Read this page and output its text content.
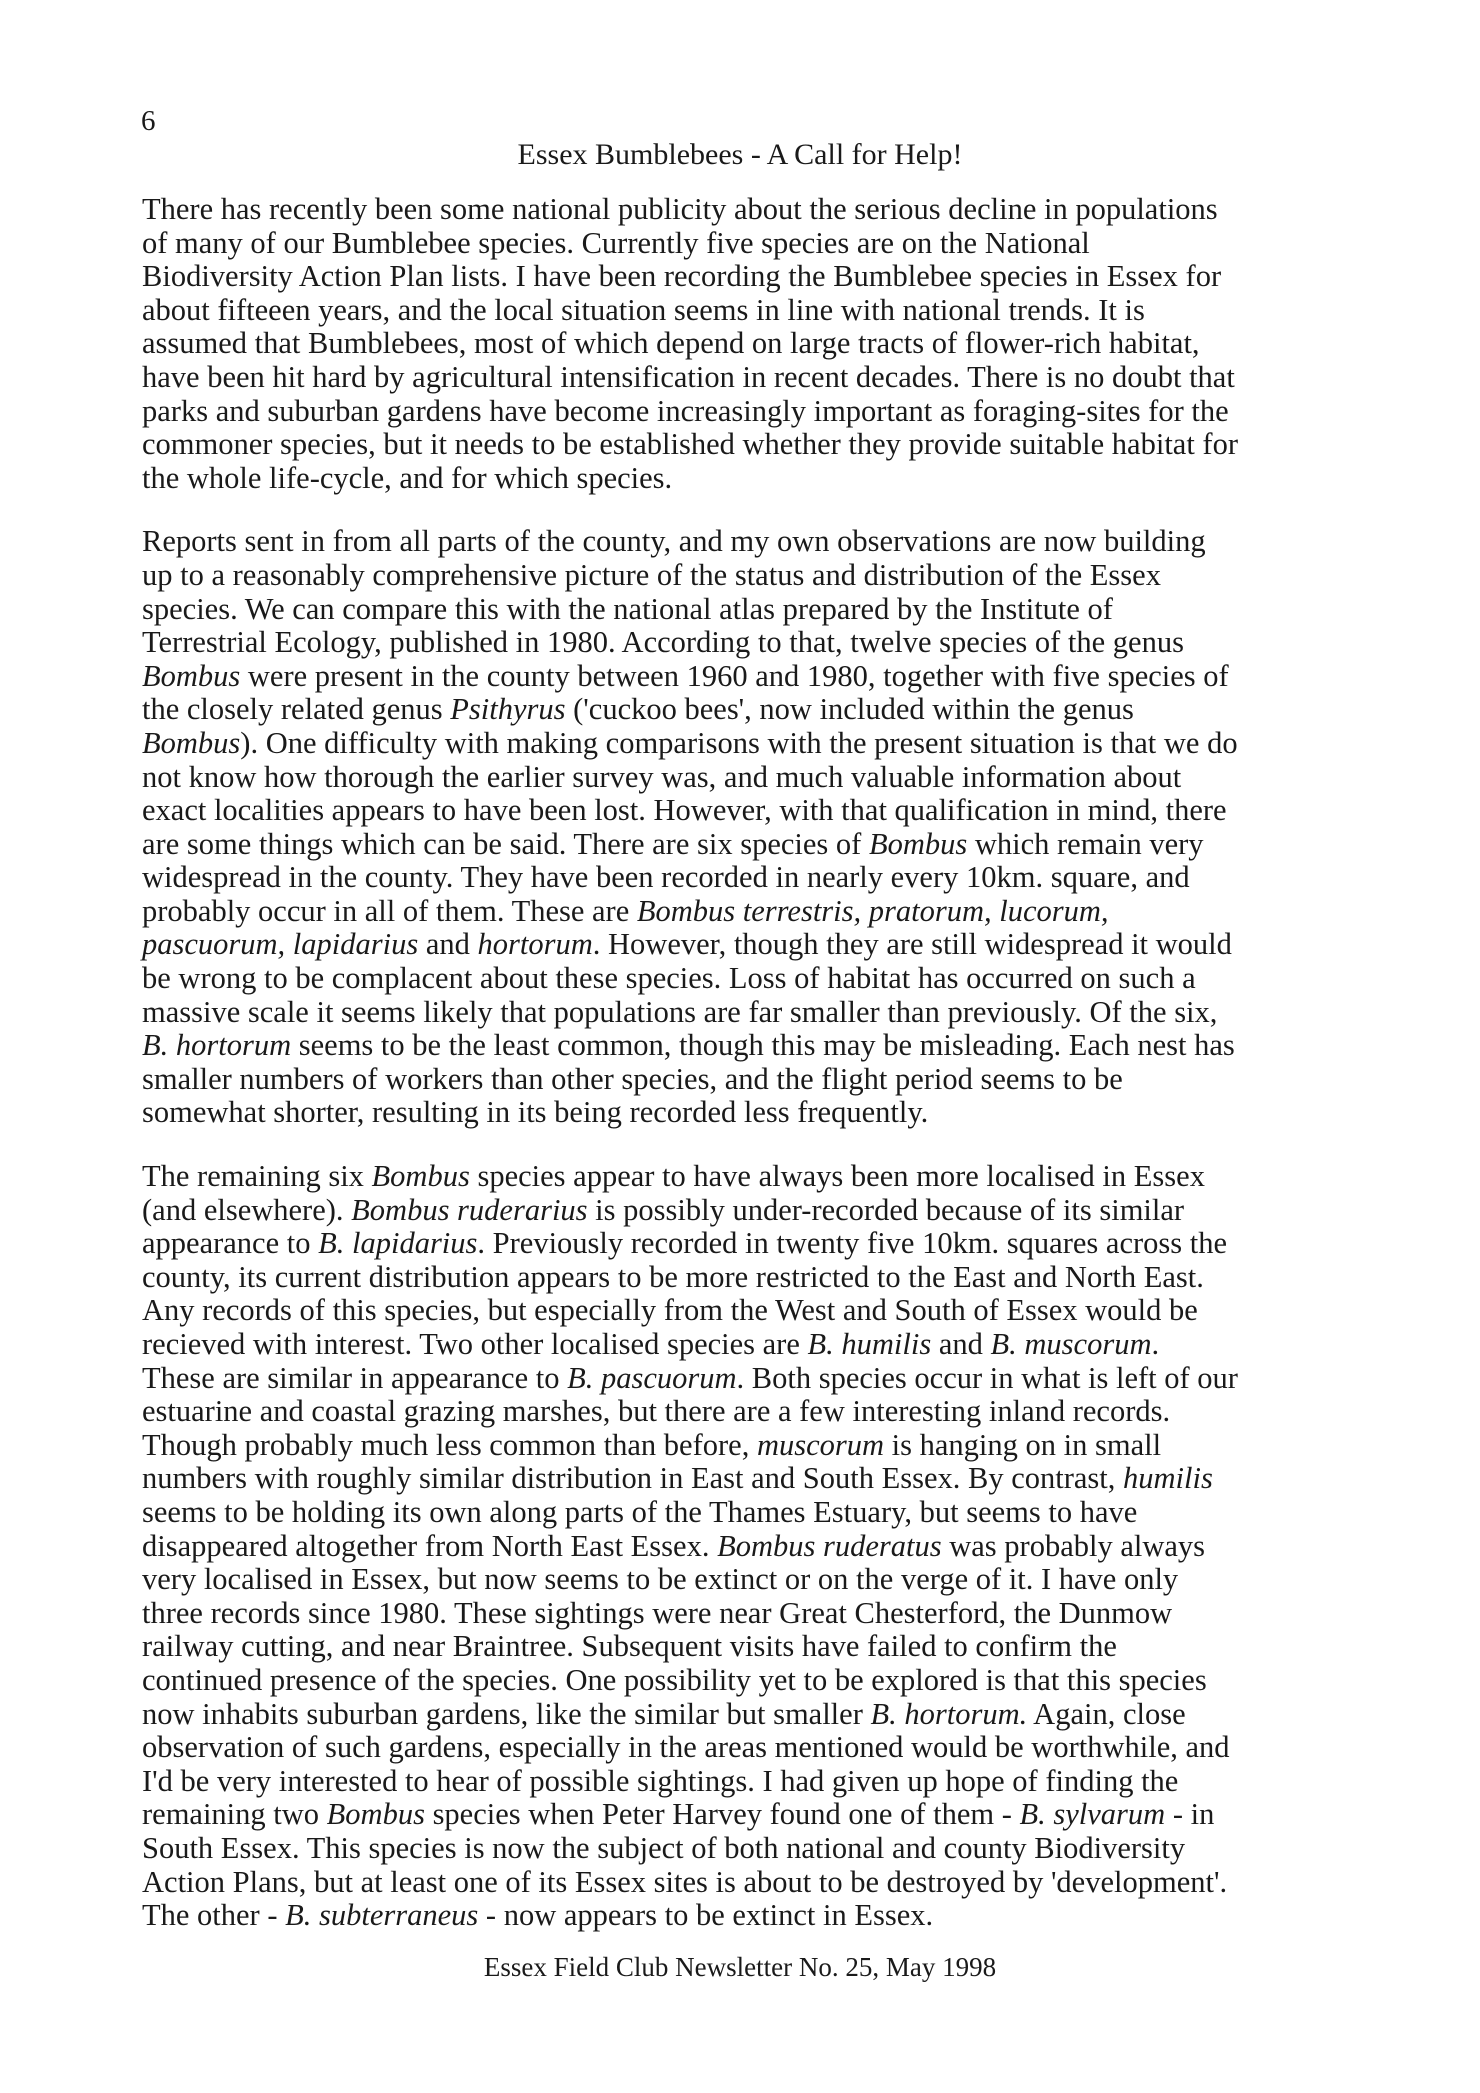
6
Essex Bumblebees - A Call for Help!

There has recently been some national publicity about the serious decline in populations
of many of our Bumblebee species. Currently five species are on the National
Biodiversity Action Plan lists. I have been recording the Bumblebee species in Essex for
about fifteeen years, and the local situation seems in line with national trends. It is
assumed that Bumblebees, most of which depend on large tracts of flower-rich habitat,
have been hit hard by agricultural intensification in recent decades. There is no doubt that
parks and suburban gardens have become increasingly important as foraging-sites for the
commoner species, but it needs to be established whether they provide suitable habitat for
the whole life-cycle, and for which species.

Reports sent in from all parts of the county, and my own observations are now building
up to a reasonably comprehensive picture of the status and distribution of the Essex
species. We can compare this with the national atlas prepared by the Institute of
Terrestrial Ecology, published in 1980. According to that, twelve species of the genus
Bombus were present in the county between 1960 and 1980, together with five species of
the closely related genus Psithyrus ('cuckoo bees', now included within the genus
Bombus). One difficulty with making comparisons with the present situation is that we do
not know how thorough the earlier survey was, and much valuable information about
exact localities appears to have been lost. However, with that qualification in mind, there
are some things which can be said. There are six species of Bombus which remain very
widespread in the county. They have been recorded in nearly every 10km. square, and
probably occur in all of them. These are Bombus terrestris, pratorum, lucorum,
pascuorum, lapidarius and hortorum. However, though they are still widespread it would
be wrong to be complacent about these species. Loss of habitat has occurred on such a
massive scale it seems likely that populations are far smaller than previously. Of the six,
B. hortorum seems to be the least common, though this may be misleading. Each nest has
smaller numbers of workers than other species, and the flight period seems to be
somewhat shorter, resulting in its being recorded less frequently.

The remaining six Bombus species appear to have always been more localised in Essex
(and elsewhere). Bombus ruderarius is possibly under-recorded because of its similar
appearance to B. lapidarius. Previously recorded in twenty five 10km. squares across the
county, its current distribution appears to be more restricted to the East and North East.
Any records of this species, but especially from the West and South of Essex would be
recieved with interest. Two other localised species are B. humilis and B. muscorum.
These are similar in appearance to B. pascuorum. Both species occur in what is left of our
estuarine and coastal grazing marshes, but there are a few interesting inland records.
Though probably much less common than before, muscorum is hanging on in small
numbers with roughly similar distribution in East and South Essex. By contrast, humilis
seems to be holding its own along parts of the Thames Estuary, but seems to have
disappeared altogether from North East Essex. Bombus ruderatus was probably always
very localised in Essex, but now seems to be extinct or on the verge of it. I have only
three records since 1980. These sightings were near Great Chesterford, the Dunmow
railway cutting, and near Braintree. Subsequent visits have failed to confirm the
continued presence of the species. One possibility yet to be explored is that this species
now inhabits suburban gardens, like the similar but smaller B. hortorum. Again, close
observation of such gardens, especially in the areas mentioned would be worthwhile, and
I'd be very interested to hear of possible sightings. I had given up hope of finding the
remaining two Bombus species when Peter Harvey found one of them - B. sylvarum - in
South Essex. This species is now the subject of both national and county Biodiversity
Action Plans, but at least one of its Essex sites is about to be destroyed by 'development'.
The other - B. subterraneus - now appears to be extinct in Essex.

Essex Field Club Newsletter No. 25, May 1998
